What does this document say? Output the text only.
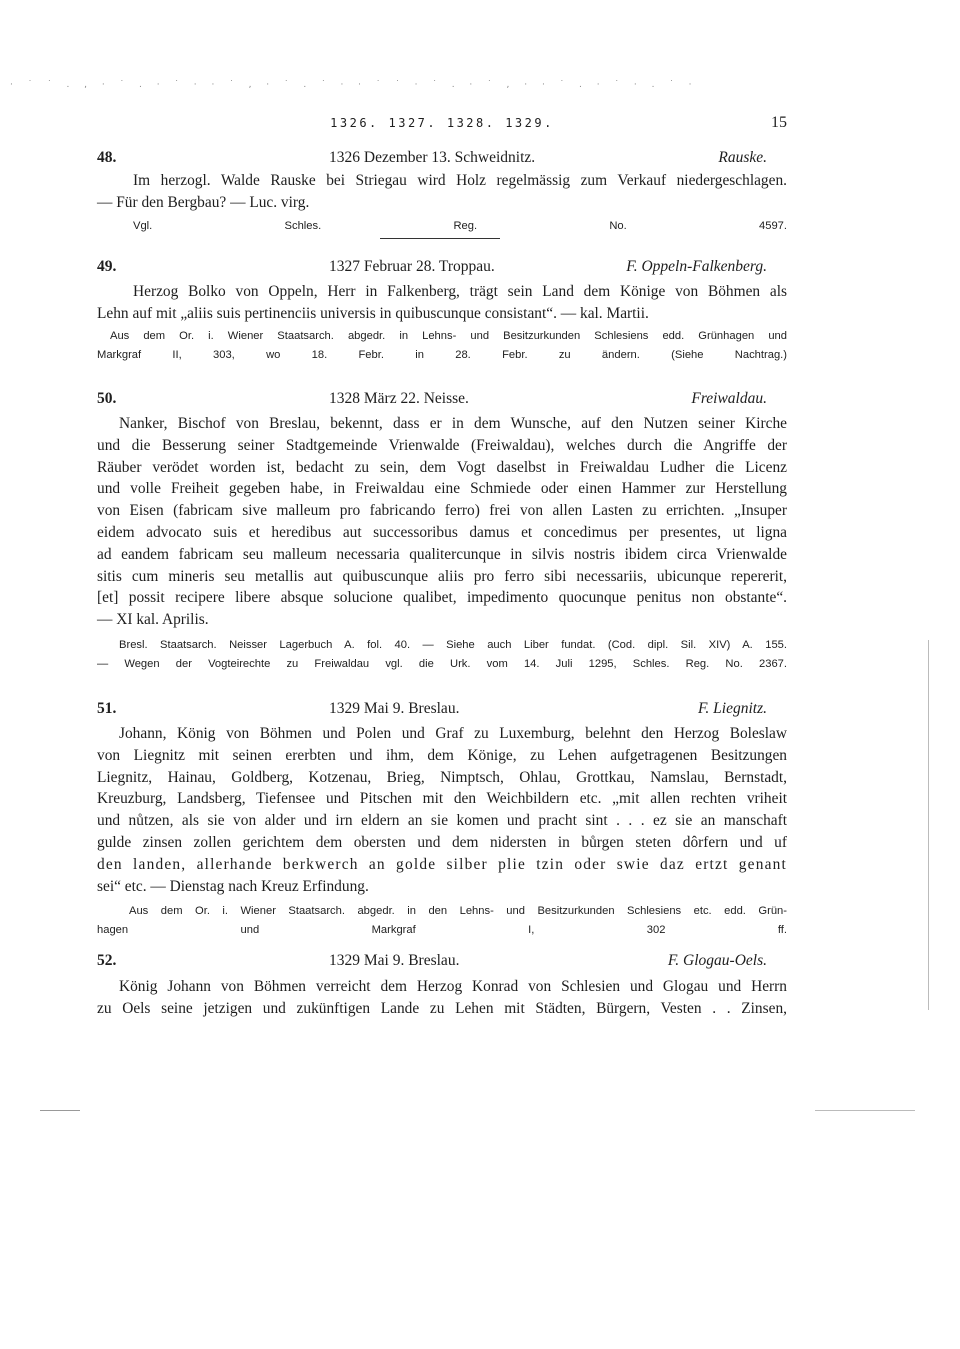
· ˙ ˙ . , · ˙ . · ˙ · · ˙ , · ˙ . ˙ · · ˙ ˙ · ˙ . · ˙ , · · ˙ . · ˙ · . ˙ ·
1326. 1327. 1328. 1329.	15
48.	1326 Dezember 13. Schweidnitz.	Rauske.

Im herzogl. Walde Rauske bei Striegau wird Holz regelmässig zum Verkauf niedergeschlagen.
— Für den Bergbau? — Luc. virg.

Vgl. Schles. Reg. No. 4597.
49.	1327 Februar 28. Troppau.	F. Oppeln-Falkenberg.

Herzog Bolko von Oppeln, Herr in Falkenberg, trägt sein Land dem Könige von Böhmen als
Lehn auf mit „aliis suis pertinenciis universis in quibuscunque consistant“. — kal. Martii.

Aus dem Or. i. Wiener Staatsarch. abgedr. in Lehns- und Besitzurkunden Schlesiens edd. Grünhagen und
Markgraf II, 303, wo 18. Febr. in 28. Febr. zu ändern. (Siehe Nachtrag.)
50.	1328 März 22. Neisse.	Freiwaldau.

Nanker, Bischof von Breslau, bekennt, dass er in dem Wunsche, auf den Nutzen seiner Kirche
und die Besserung seiner Stadtgemeinde Vrienwalde (Freiwaldau), welches durch die Angriffe der
Räuber verödet worden ist, bedacht zu sein, dem Vogt daselbst in Freiwaldau Ludher die Licenz
und volle Freiheit gegeben habe, in Freiwaldau eine Schmiede oder einen Hammer zur Herstellung
von Eisen (fabricam sive malleum pro fabricando ferro) frei von allen Lasten zu errichten. „Insuper
eidem advocato suis et heredibus aut successoribus damus et concedimus per presentes, ut ligna
ad eandem fabricam seu malleum necessaria qualitercunque in silvis nostris ibidem circa Vrienwalde
sitis cum mineris seu metallis aut quibuscunque aliis pro ferro sibi necessariis, ubicunque repererit,
[et] possit recipere libere absque solucione qualibet, impedimento quocunque penitus non obstante“.
— XI kal. Aprilis.

Bresl. Staatsarch. Neisser Lagerbuch A. fol. 40. — Siehe auch Liber fundat. (Cod. dipl. Sil. XIV) A. 155.
— Wegen der Vogteirechte zu Freiwaldau vgl. die Urk. vom 14. Juli 1295, Schles. Reg. No. 2367.
51.	1329 Mai 9. Breslau.	F. Liegnitz.

Johann, König von Böhmen und Polen und Graf zu Luxemburg, belehnt den Herzog Boleslaw
von Liegnitz mit seinen ererbten und ihm, dem Könige, zu Lehen aufgetragenen Besitzungen
Liegnitz, Hainau, Goldberg, Kotzenau, Brieg, Nimptsch, Ohlau, Grottkau, Namslau, Bernstadt,
Kreuzburg, Landsberg, Tiefensee und Pitschen mit den Weichbildern etc. „mit allen rechten vriheit
und nůtzen, als sie von alder und irn eldern an sie komen und pracht sint . . . ez sie an manschaft
gulde zinsen zollen gerichtem dem obersten und dem nidersten in bůrgen steten dôrfern und uf
den landen, allerhande berkwerch an golde silber plie tzin oder swie daz ertzt genant
sei“ etc. — Dienstag nach Kreuz Erfindung.

Aus dem Or. i. Wiener Staatsarch. abgedr. in den Lehns- und Besitzurkunden Schlesiens etc. edd. Grün-
hagen und Markgraf I, 302 ff.
52.	1329 Mai 9. Breslau.	F. Glogau-Oels.

König Johann von Böhmen verreicht dem Herzog Konrad von Schlesien und Glogau und Herrn
zu Oels seine jetzigen und zukünftigen Lande zu Lehen mit Städten, Bürgern, Vesten . . Zinsen,
